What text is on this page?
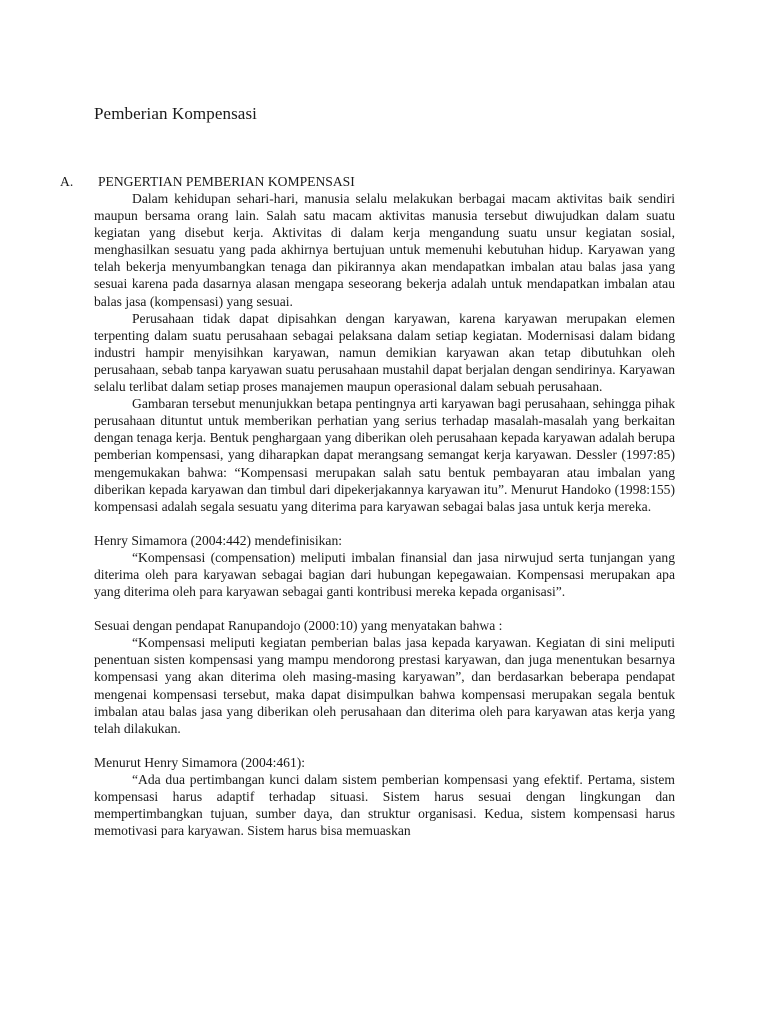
Pemberian Kompensasi
A. PENGERTIAN PEMBERIAN KOMPENSASI

Dalam kehidupan sehari-hari, manusia selalu melakukan berbagai macam aktivitas baik sendiri maupun bersama orang lain. Salah satu macam aktivitas manusia tersebut diwujudkan dalam suatu kegiatan yang disebut kerja. Aktivitas di dalam kerja mengandung suatu unsur kegiatan sosial, menghasilkan sesuatu yang pada akhirnya bertujuan untuk memenuhi kebutuhan hidup. Karyawan yang telah bekerja menyumbangkan tenaga dan pikirannya akan mendapatkan imbalan atau balas jasa yang sesuai karena pada dasarnya alasan mengapa seseorang bekerja adalah untuk mendapatkan imbalan atau balas jasa (kompensasi) yang sesuai.

Perusahaan tidak dapat dipisahkan dengan karyawan, karena karyawan merupakan elemen terpenting dalam suatu perusahaan sebagai pelaksana dalam setiap kegiatan. Modernisasi dalam bidang industri hampir menyisihkan karyawan, namun demikian karyawan akan tetap dibutuhkan oleh perusahaan, sebab tanpa karyawan suatu perusahaan mustahil dapat berjalan dengan sendirinya. Karyawan selalu terlibat dalam setiap proses manajemen maupun operasional dalam sebuah perusahaan.

Gambaran tersebut menunjukkan betapa pentingnya arti karyawan bagi perusahaan, sehingga pihak perusahaan dituntut untuk memberikan perhatian yang serius terhadap masalah-masalah yang berkaitan dengan tenaga kerja. Bentuk penghargaan yang diberikan oleh perusahaan kepada karyawan adalah berupa pemberian kompensasi, yang diharapkan dapat merangsang semangat kerja karyawan. Dessler (1997:85) mengemukakan bahwa: “Kompensasi merupakan salah satu bentuk pembayaran atau imbalan yang diberikan kepada karyawan dan timbul dari dipekerjakannya karyawan itu”. Menurut Handoko (1998:155) kompensasi adalah segala sesuatu yang diterima para karyawan sebagai balas jasa untuk kerja mereka.

Henry Simamora (2004:442) mendefinisikan:

“Kompensasi (compensation) meliputi imbalan finansial dan jasa nirwujud serta tunjangan yang diterima oleh para karyawan sebagai bagian dari hubungan kepegawaian. Kompensasi merupakan apa yang diterima oleh para karyawan sebagai ganti kontribusi mereka kepada organisasi”.

Sesuai dengan pendapat Ranupandojo (2000:10) yang menyatakan bahwa :

“Kompensasi meliputi kegiatan pemberian balas jasa kepada karyawan. Kegiatan di sini meliputi penentuan sisten kompensasi yang mampu mendorong prestasi karyawan, dan juga menentukan besarnya kompensasi yang akan diterima oleh masing-masing karyawan”, dan berdasarkan beberapa pendapat mengenai kompensasi tersebut, maka dapat disimpulkan bahwa kompensasi merupakan segala bentuk imbalan atau balas jasa yang diberikan oleh perusahaan dan diterima oleh para karyawan atas kerja yang telah dilakukan.

Menurut Henry Simamora (2004:461):

“Ada dua pertimbangan kunci dalam sistem pemberian kompensasi yang efektif. Pertama, sistem kompensasi harus adaptif terhadap situasi. Sistem harus sesuai dengan lingkungan dan mempertimbangkan tujuan, sumber daya, dan struktur organisasi. Kedua, sistem kompensasi harus memotivasi para karyawan. Sistem harus bisa memuaskan
